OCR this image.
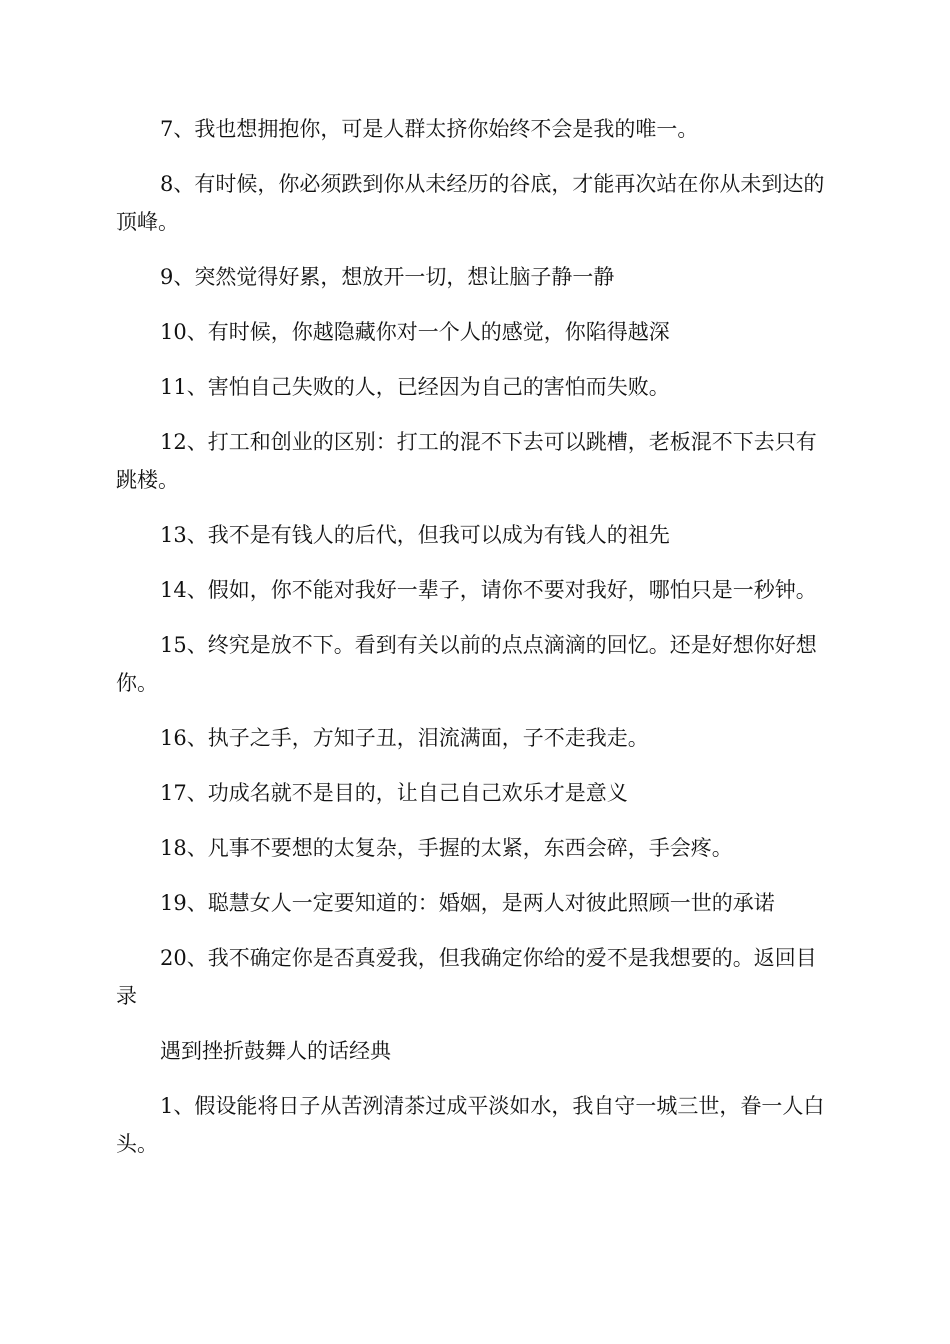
7、我也想拥抱你，可是人群太挤你始终不会是我的唯一。

8、有时候，你必须跌到你从未经历的谷底，才能再次站在你从未到达的顶峰。

9、突然觉得好累，想放开一切，想让脑子静一静

10、有时候，你越隐藏你对一个人的感觉，你陷得越深

11、害怕自己失败的人，已经因为自己的害怕而失败。

12、打工和创业的区别：打工的混不下去可以跳槽，老板混不下去只有跳楼。

13、我不是有钱人的后代，但我可以成为有钱人的祖先

14、假如，你不能对我好一辈子，请你不要对我好，哪怕只是一秒钟。

15、终究是放不下。看到有关以前的点点滴滴的回忆。还是好想你好想你。

16、执子之手，方知子丑，泪流满面，子不走我走。

17、功成名就不是目的，让自己自己欢乐才是意义

18、凡事不要想的太复杂，手握的太紧，东西会碎，手会疼。

19、聪慧女人一定要知道的：婚姻，是两人对彼此照顾一世的承诺

20、我不确定你是否真爱我，但我确定你给的爱不是我想要的。返回目录

遇到挫折鼓舞人的话经典

1、假设能将日子从苦洌清茶过成平淡如水，我自守一城三世，眷一人白头。
